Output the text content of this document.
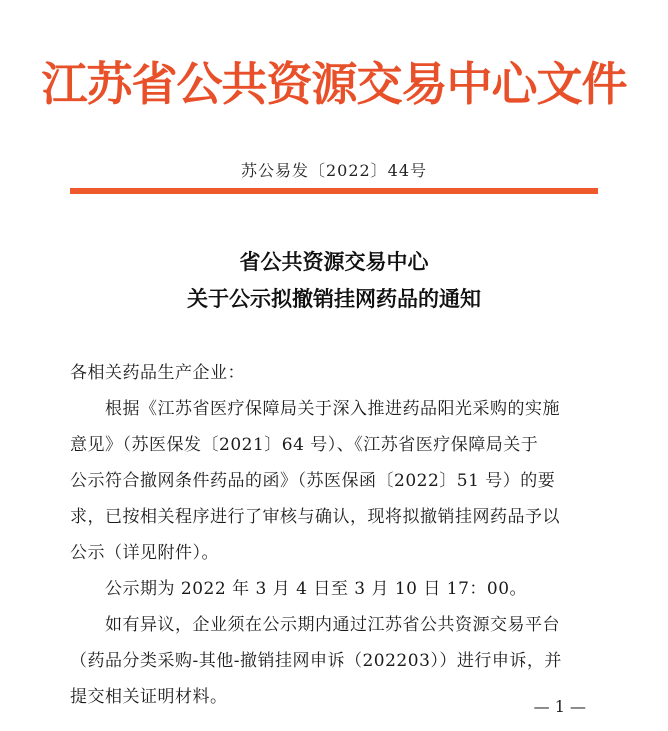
江苏省公共资源交易中心文件
苏公易发〔2022〕44号
省公共资源交易中心
关于公示拟撤销挂网药品的通知
各相关药品生产企业：
　　根据《江苏省医疗保障局关于深入推进药品阳光采购的实施
意见》（苏医保发〔2021〕64 号）、《江苏省医疗保障局关于
公示符合撤网条件药品的函》（苏医保函〔2022〕51 号）的要
求，已按相关程序进行了审核与确认，现将拟撤销挂网药品予以
公示（详见附件）。
　　公示期为 2022 年 3 月 4 日至 3 月 10 日 17：00。
　　如有异议，企业须在公示期内通过江苏省公共资源交易平台
（药品分类采购-其他-撤销挂网申诉（202203））进行申诉，并
提交相关证明材料。	— 1 —
